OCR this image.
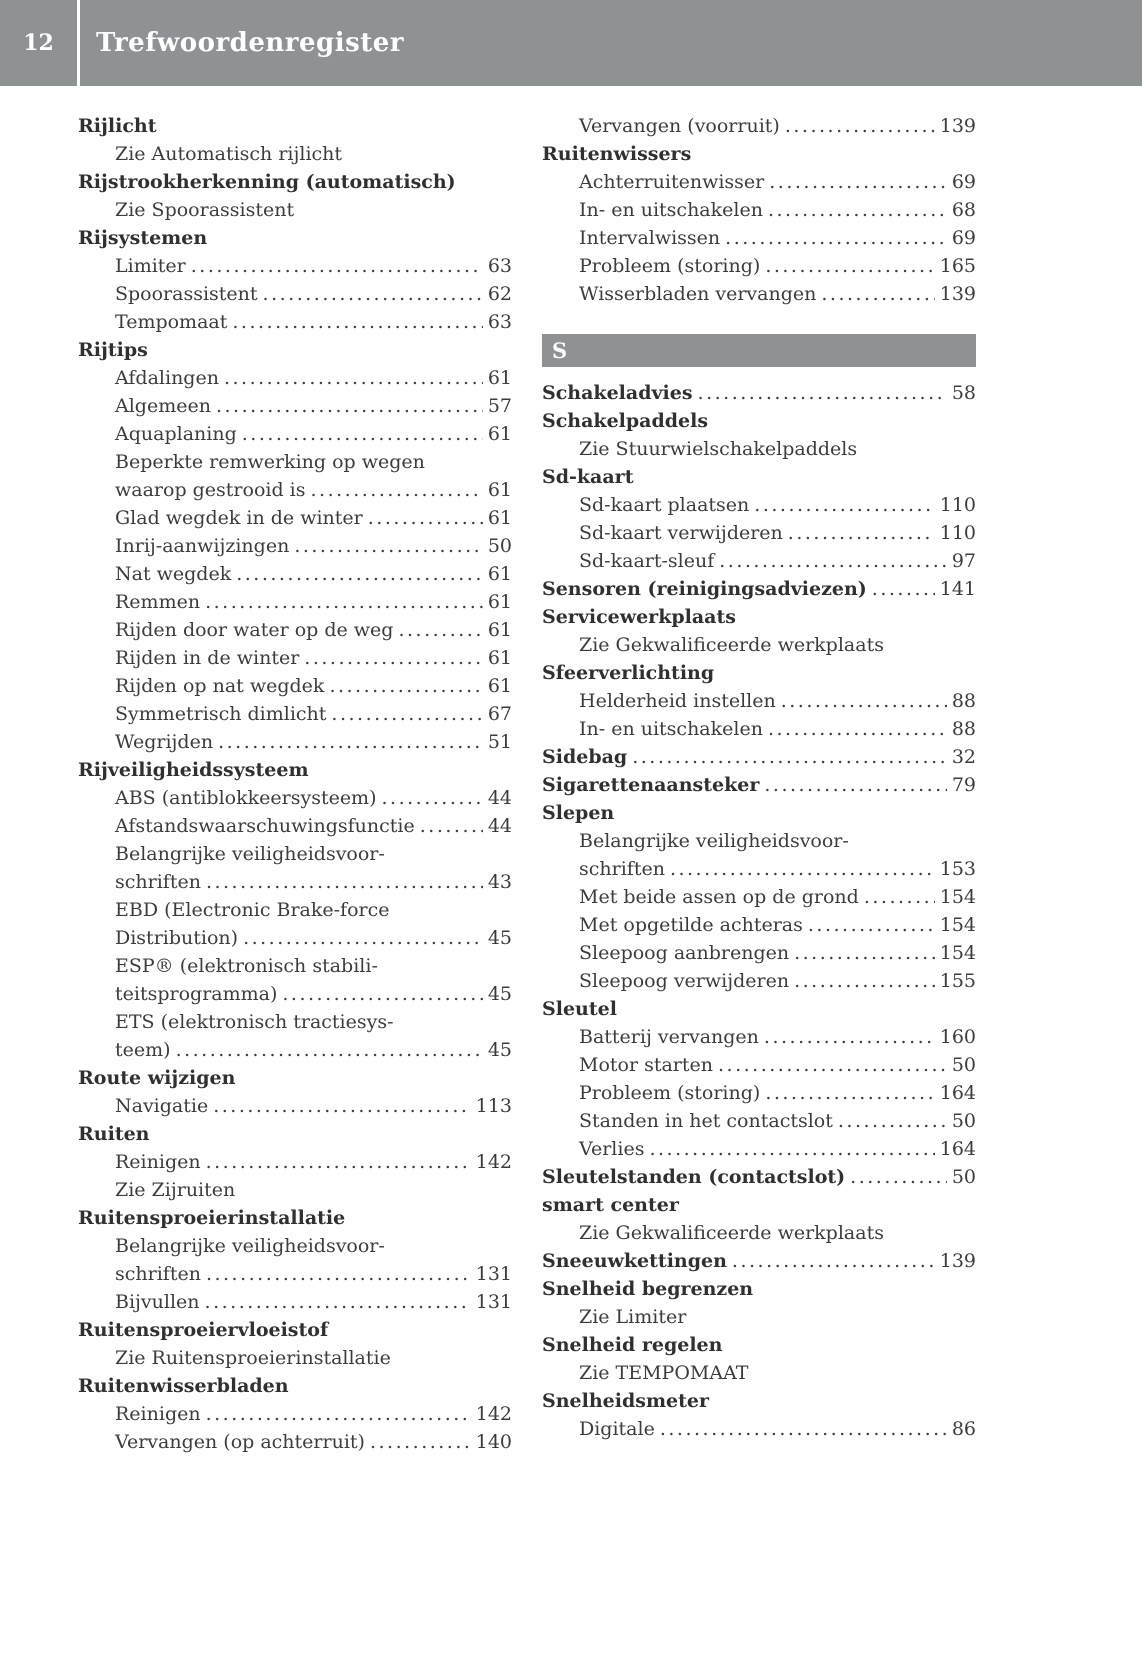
12	Trefwoordenregister
Rijlicht
Zie Automatisch rijlicht
Rijstrookherkenning (automatisch)
Zie Spoorassistent
Rijsystemen
Limiter .....	63
Spoorassistent .....	62
Tempomaat .....	63
Rijtips
Afdalingen .....	61
Algemeen .....	57
Aquaplaning .....	61
Beperkte remwerking op wegen
waarop gestrooid is .....	61
Glad wegdek in de winter .....	61
Inrij-aanwijzingen .....	50
Nat wegdek .....	61
Remmen .....	61
Rijden door water op de weg .....	61
Rijden in de winter .....	61
Rijden op nat wegdek .....	61
Symmetrisch dimlicht .....	67
Wegrijden .....	51
Rijveiligheidssysteem
ABS (antiblokkeersysteem) .....	44
Afstandswaarschuwingsfunctie .....	44
Belangrijke veiligheidsvoor-
schriften .....	43
EBD (Electronic Brake-force
Distribution) .....	45
ESP® (elektronisch stabili-
teitsprogramma) .....	45
ETS (elektronisch tractiesys-
teem) .....	45
Route wijzigen
Navigatie .....	113
Ruiten
Reinigen .....	142
Zie Zijruiten
Ruitensproeierinstallatie
Belangrijke veiligheidsvoor-
schriften .....	131
Bijvullen .....	131
Ruitensproeiervloeistof
Zie Ruitensproeierinstallatie
Ruitenwisserbladen
Reinigen .....	142
Vervangen (op achterruit) .....	140
Vervangen (voorruit) .....	139
Ruitenwissers
Achterruitenwisser .....	69
In- en uitschakelen .....	68
Intervalwissen .....	69
Probleem (storing) .....	165
Wisserbladen vervangen .....	139
S
Schakeladvies .....	58
Schakelpaddels
Zie Stuurwielschakelpaddels
Sd-kaart
Sd-kaart plaatsen .....	110
Sd-kaart verwijderen .....	110
Sd-kaart-sleuf .....	97
Sensoren (reinigingsadviezen) .....	141
Servicewerkplaats
Zie Gekwalificeerde werkplaats
Sfeerverlichting
Helderheid instellen .....	88
In- en uitschakelen .....	88
Sidebag .....	32
Sigarettenaansteker .....	79
Slepen
Belangrijke veiligheidsvoor-
schriften .....	153
Met beide assen op de grond .....	154
Met opgetilde achteras .....	154
Sleepoog aanbrengen .....	154
Sleepoog verwijderen .....	155
Sleutel
Batterij vervangen .....	160
Motor starten .....	50
Probleem (storing) .....	164
Standen in het contactslot .....	50
Verlies .....	164
Sleutelstanden (contactslot) .....	50
smart center
Zie Gekwalificeerde werkplaats
Sneeuwkettingen .....	139
Snelheid begrenzen
Zie Limiter
Snelheid regelen
Zie TEMPOMAAT
Snelheidsmeter
Digitale .....	86
